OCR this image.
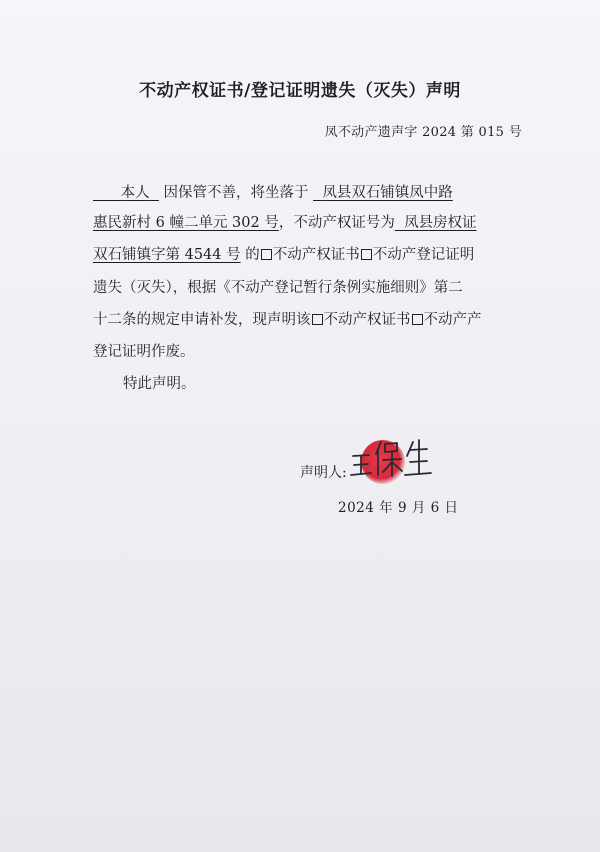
不动产权证书/登记证明遗失（灭失）声明
凤不动产遗声字 2024 第 015 号
本人 因保管不善，将坐落于 凤县双石铺镇凤中路
惠民新村 6 幢二单元 302 号，不动产权证号为 凤县房权证
双石铺镇字第 4544 号 的 不动产权证书 不动产登记证明
遗失（灭失），根据《不动产登记暂行条例实施细则》第二
十二条的规定申请补发，现声明该 不动产权证书 不动产产
登记证明作废。
特此声明。
声明人:
2024 年 9 月 6 日
